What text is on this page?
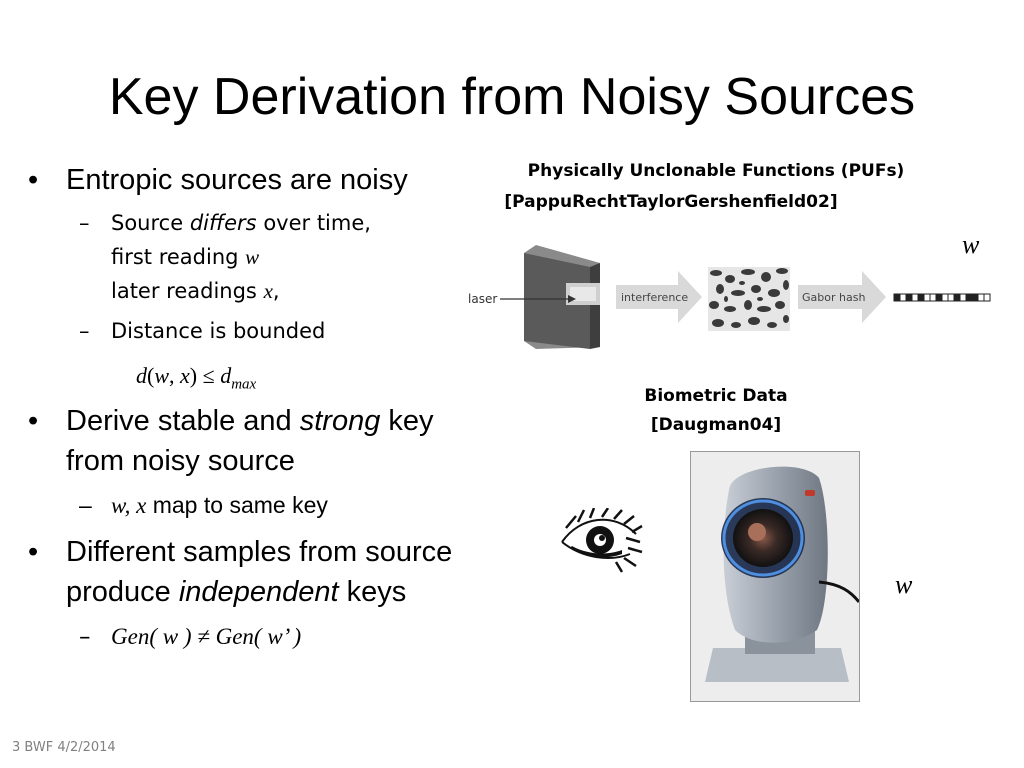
Key Derivation from Noisy Sources
• Entropic sources are noisy
– Source differs over time,
first reading w
later readings x,
– Distance is bounded
d(w, $x) \le d_{max}$
• Derive stable and strong key
from noisy source
– w, x map to same key
• Different samples from source
produce independent keys
– Gen( w ) ≠ Gen( w’ )
Physically Unclonable Functions (PUFs)
[PappuRechtTaylorGershenfield02]
w
laser	interference	Gabor hash
Biometric Data
[Daugman04]
w
3 BWF 4/2/2014
